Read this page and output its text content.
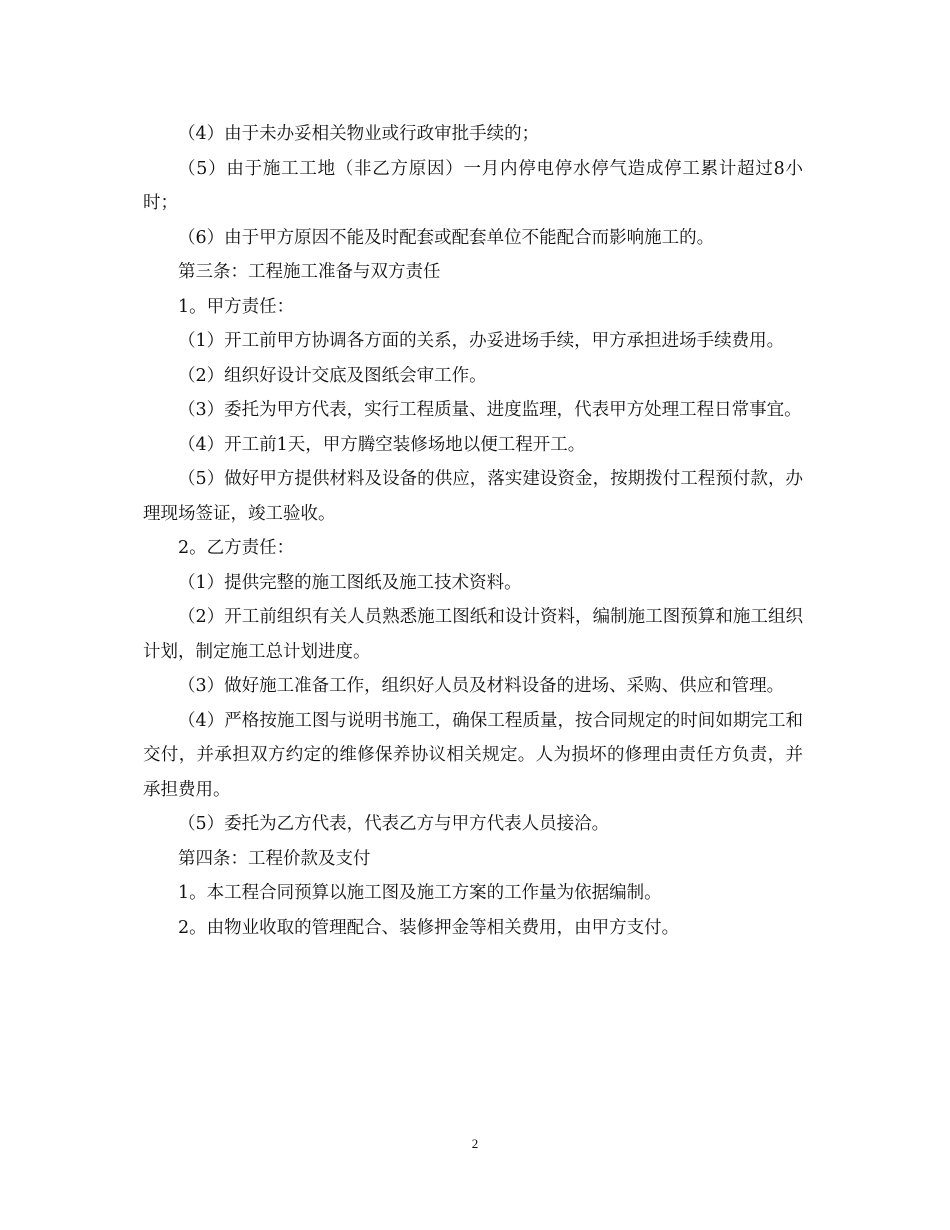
（4）由于未办妥相关物业或行政审批手续的；

（5）由于施工工地（非乙方原因）一月内停电停水停气造成停工累计超过8小时；

（6）由于甲方原因不能及时配套或配套单位不能配合而影响施工的。

第三条：工程施工准备与双方责任

1。甲方责任：

（1）开工前甲方协调各方面的关系，办妥进场手续，甲方承担进场手续费用。

（2）组织好设计交底及图纸会审工作。

（3）委托为甲方代表，实行工程质量、进度监理，代表甲方处理工程日常事宜。

（4）开工前1天，甲方腾空装修场地以便工程开工。

（5）做好甲方提供材料及设备的供应，落实建设资金，按期拨付工程预付款，办理现场签证，竣工验收。

2。乙方责任：

（1）提供完整的施工图纸及施工技术资料。

（2）开工前组织有关人员熟悉施工图纸和设计资料，编制施工图预算和施工组织计划，制定施工总计划进度。

（3）做好施工准备工作，组织好人员及材料设备的进场、采购、供应和管理。

（4）严格按施工图与说明书施工，确保工程质量，按合同规定的时间如期完工和交付，并承担双方约定的维修保养协议相关规定。人为损坏的修理由责任方负责，并承担费用。

（5）委托为乙方代表，代表乙方与甲方代表人员接洽。

第四条：工程价款及支付

1。本工程合同预算以施工图及施工方案的工作量为依据编制。

2。由物业收取的管理配合、装修押金等相关费用，由甲方支付。

2
